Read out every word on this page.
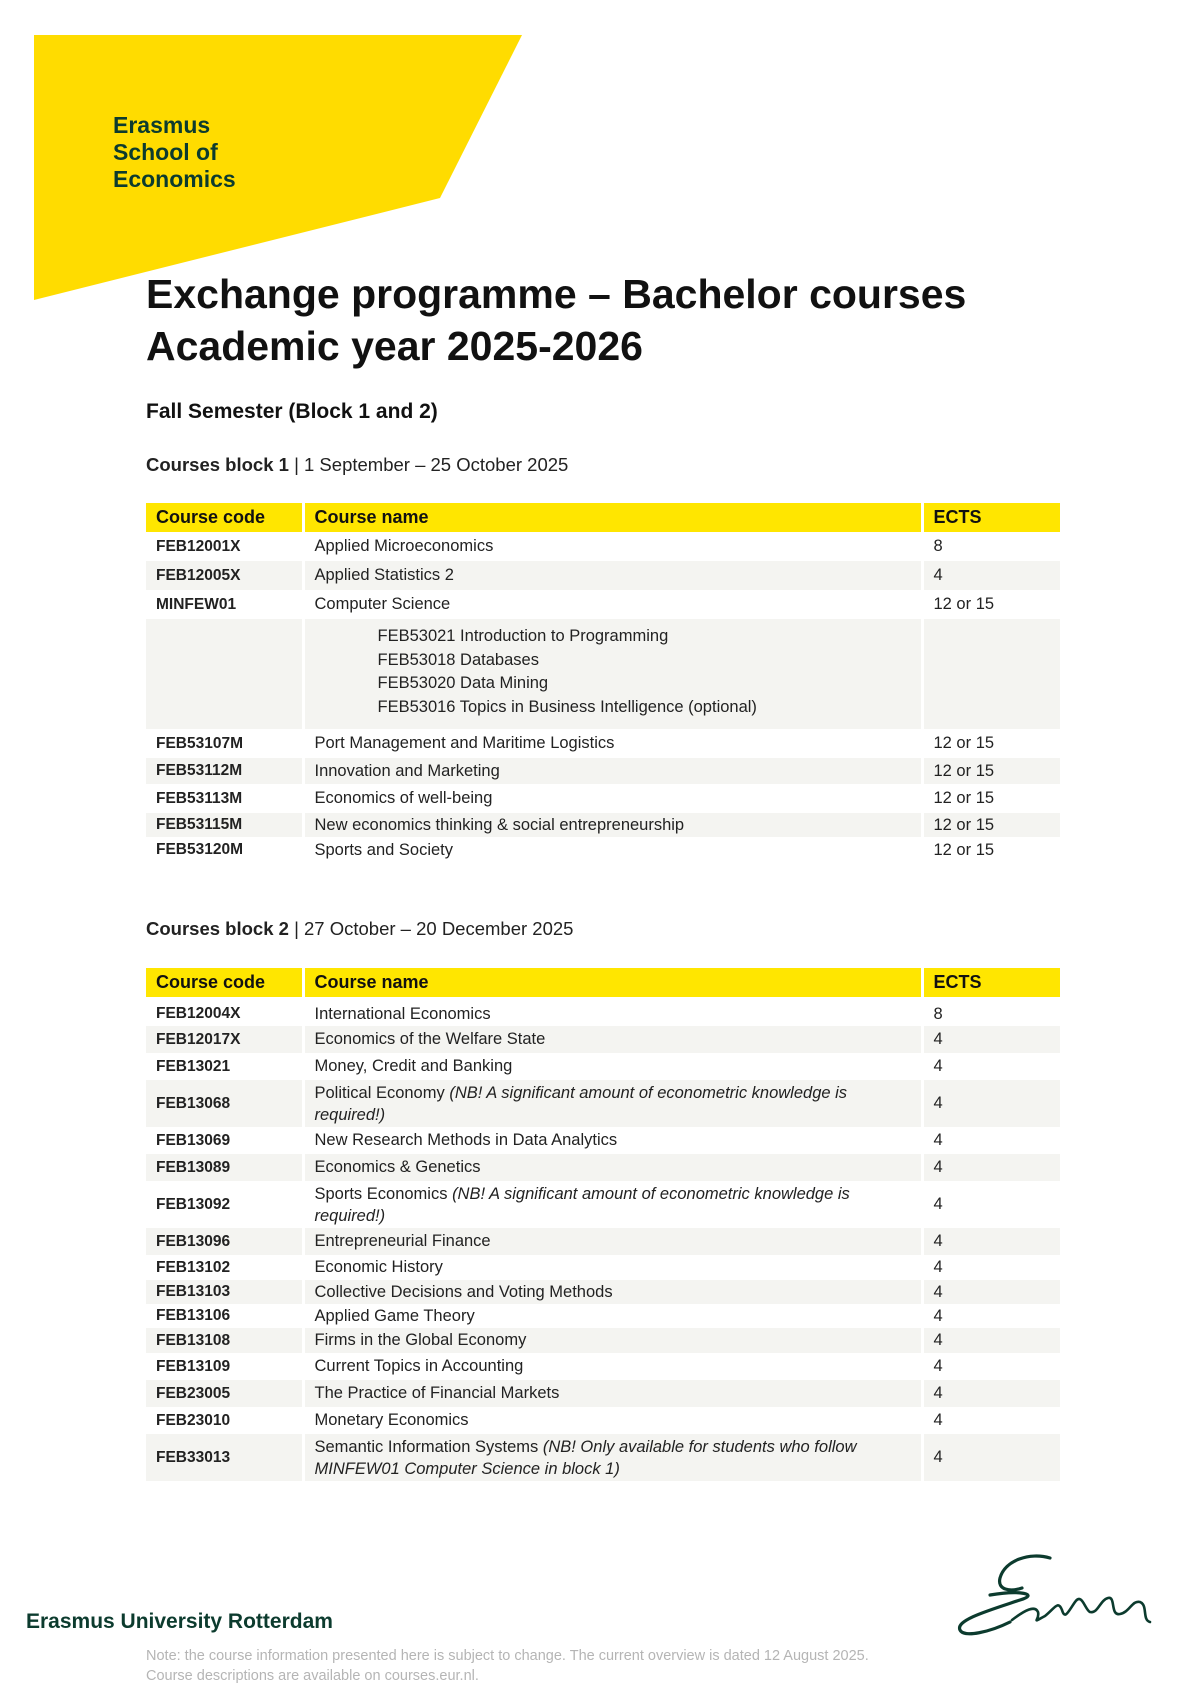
Erasmus
School of
Economics
Exchange programme – Bachelor courses
Academic year 2025-2026
Fall Semester (Block 1 and 2)
Courses block 1 | 1 September – 25 October 2025
Course code	Course name	ECTS
FEB12001X	Applied Microeconomics	8
FEB12005X	Applied Statistics 2	4
MINFEW01	Computer Science	12 or 15

	FEB53021 Introduction to Programming
FEB53018 Databases
FEB53020 Data Mining
FEB53016 Topics in Business Intelligence (optional)	

FEB53107M	Port Management and Maritime Logistics	12 or 15
FEB53112M	Innovation and Marketing	12 or 15
FEB53113M	Economics of well-being	12 or 15
FEB53115M	New economics thinking & social entrepreneurship	12 or 15
FEB53120M	Sports and Society	12 or 15
Courses block 2 | 27 October – 20 December 2025
Course code	Course name	ECTS

FEB12004X	International Economics	8
FEB12017X	Economics of the Welfare State	4
FEB13021	Money, Credit and Banking	4
FEB13068	Political Economy (NB! A significant amount of econometric knowledge is required!)	4
FEB13069	New Research Methods in Data Analytics	4
FEB13089	Economics & Genetics	4
FEB13092	Sports Economics (NB! A significant amount of econometric knowledge is required!)	4
FEB13096	Entrepreneurial Finance	4
FEB13102	Economic History	4
FEB13103	Collective Decisions and Voting Methods	4
FEB13106	Applied Game Theory	4
FEB13108	Firms in the Global Economy	4
FEB13109	Current Topics in Accounting	4
FEB23005	The Practice of Financial Markets	4
FEB23010	Monetary Economics	4
FEB33013	Semantic Information Systems (NB! Only available for students who follow MINFEW01 Computer Science in block 1)	4
Erasmus University Rotterdam
Note: the course information presented here is subject to change. The current overview is dated 12 August 2025.
Course descriptions are available on courses.eur.nl.
